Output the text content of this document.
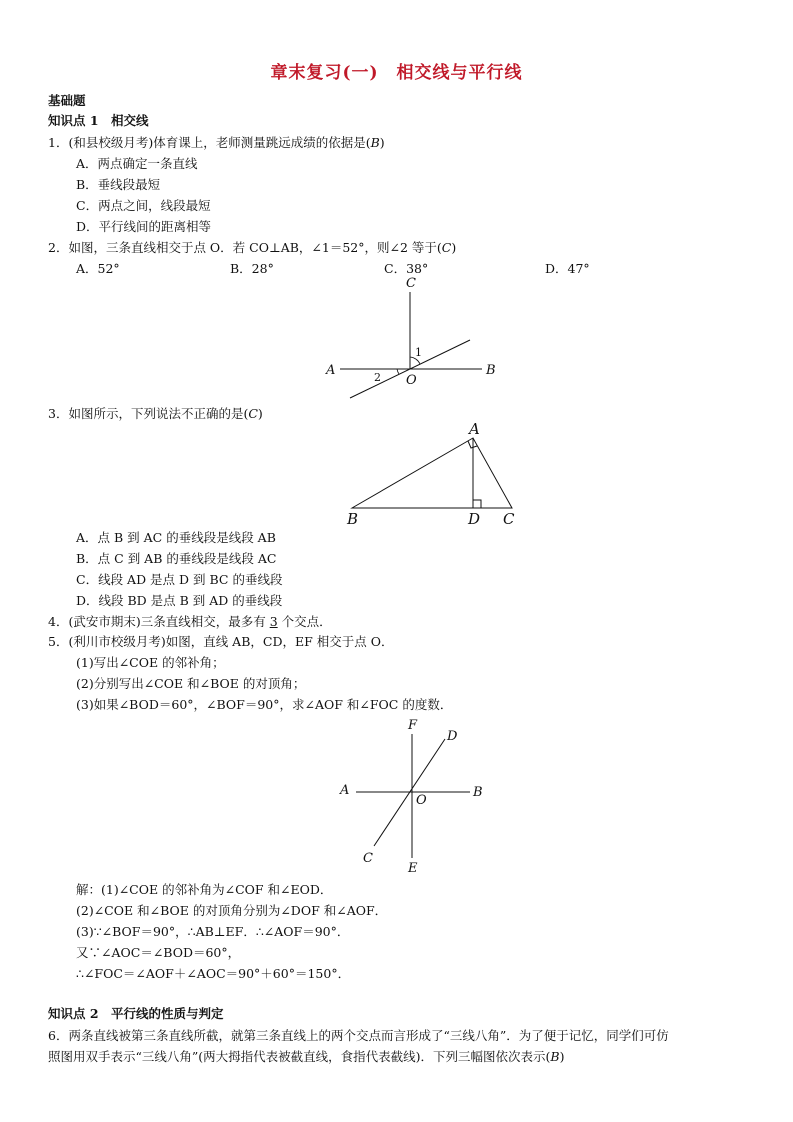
章末复习(一)　相交线与平行线
基础题
知识点 1　相交线
1．(和县校级月考)体育课上，老师测量跳远成绩的依据是(B)
A．两点确定一条直线
B．垂线段最短
C．两点之间，线段最短
D．平行线间的距离相等
2．如图，三条直线相交于点 O．若 CO⊥AB，∠1＝52°，则∠2 等于(C)
A．52°	B．28°	C．38°	D．47°
C
A	B
O
1
2
3．如图所示，下列说法不正确的是(C)
A
B	D C
A．点 B 到 AC 的垂线段是线段 AB
B．点 C 到 AB 的垂线段是线段 AC
C．线段 AD 是点 D 到 BC 的垂线段
D．线段 BD 是点 B 到 AD 的垂线段
4．(武安市期末)三条直线相交，最多有 3 个交点．
5．(利川市校级月考)如图，直线 AB，CD，EF 相交于点 O．
(1)写出∠COE 的邻补角；
(2)分别写出∠COE 和∠BOE 的对顶角；
(3)如果∠BOD＝60°，∠BOF＝90°，求∠AOF 和∠FOC 的度数．
F
D
A	B
O
C
E
解：(1)∠COE 的邻补角为∠COF 和∠EOD．
(2)∠COE 和∠BOE 的对顶角分别为∠DOF 和∠AOF．
(3)∵∠BOF＝90°，∴AB⊥EF．∴∠AOF＝90°．
又∵∠AOC＝∠BOD＝60°，
∴∠FOC＝∠AOF＋∠AOC＝90°＋60°＝150°．
知识点 2　平行线的性质与判定
6．两条直线被第三条直线所截，就第三条直线上的两个交点而言形成了“三线八角”．为了便于记忆，同学们可仿
照图用双手表示“三线八角”(两大拇指代表被截直线，食指代表截线)．下列三幅图依次表示(B)
